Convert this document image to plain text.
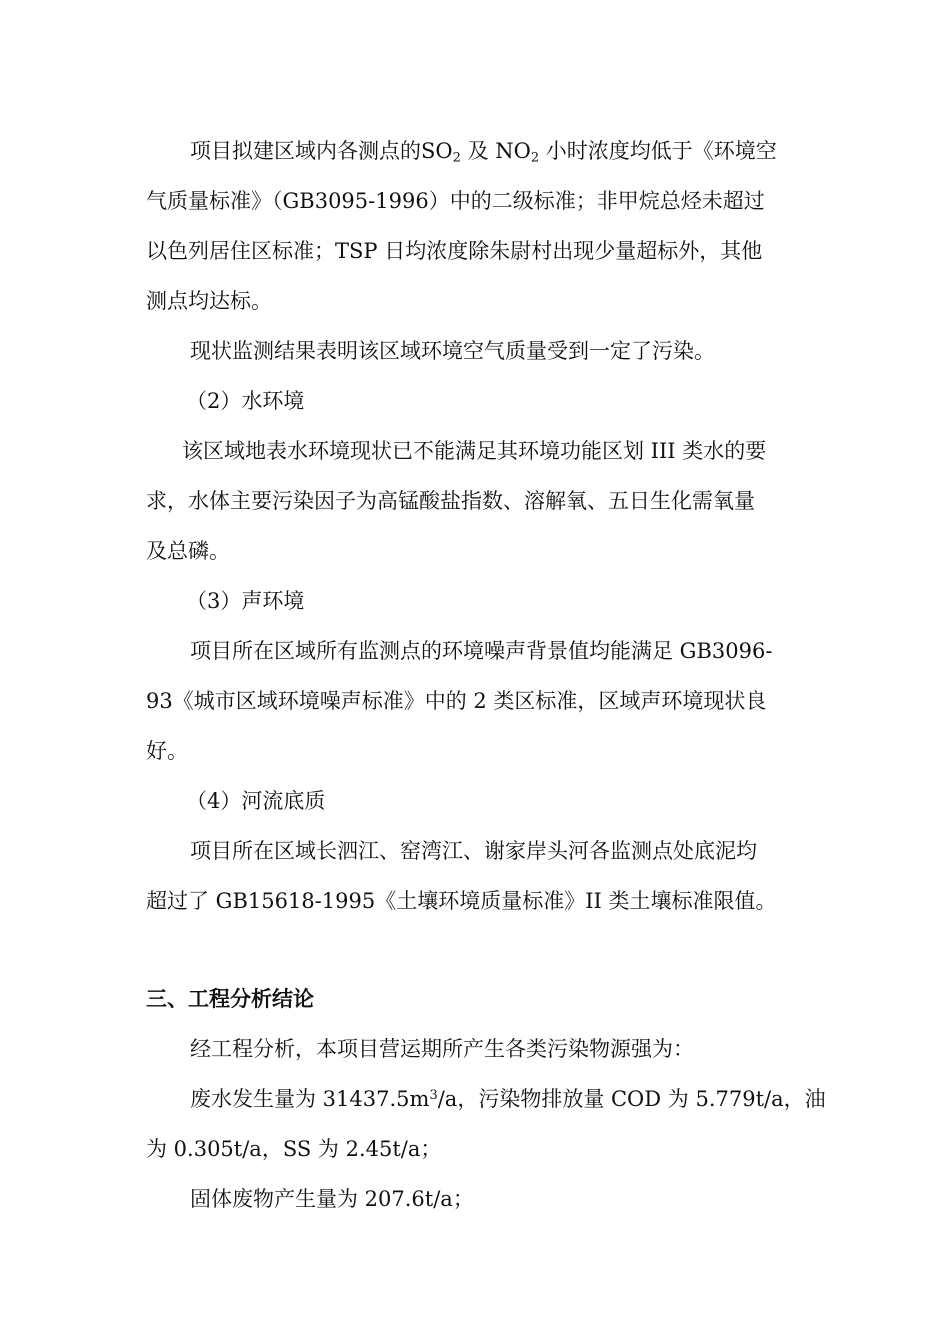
项目拟建区域内各测点的$SO_2$ 及 $NO_2$ 小时浓度均低于《环境空
气质量标准》（GB3095-1996）中的二级标准；非甲烷总烃未超过
以色列居住区标准；TSP 日均浓度除朱尉村出现少量超标外，其他
测点均达标。
现状监测结果表明该区域环境空气质量受到一定了污染。
（2）水环境
该区域地表水环境现状已不能满足其环境功能区划 III 类水的要
求，水体主要污染因子为高锰酸盐指数、溶解氧、五日生化需氧量
及总磷。
（3）声环境
项目所在区域所有监测点的环境噪声背景值均能满足 GB3096-
93《城市区域环境噪声标准》中的 2 类区标准，区域声环境现状良
好。
（4）河流底质
项目所在区域长泗江、窑湾江、谢家岸头河各监测点处底泥均
超过了 GB15618-1995《土壤环境质量标准》II 类土壤标准限值。
三、工程分析结论
经工程分析，本项目营运期所产生各类污染物源强为：
废水发生量为 $31437.5m^3/a$，污染物排放量 COD 为 5.779t/a，油
为 0.305t/a，SS 为 2.45t/a；
固体废物产生量为 207.6t/a；
